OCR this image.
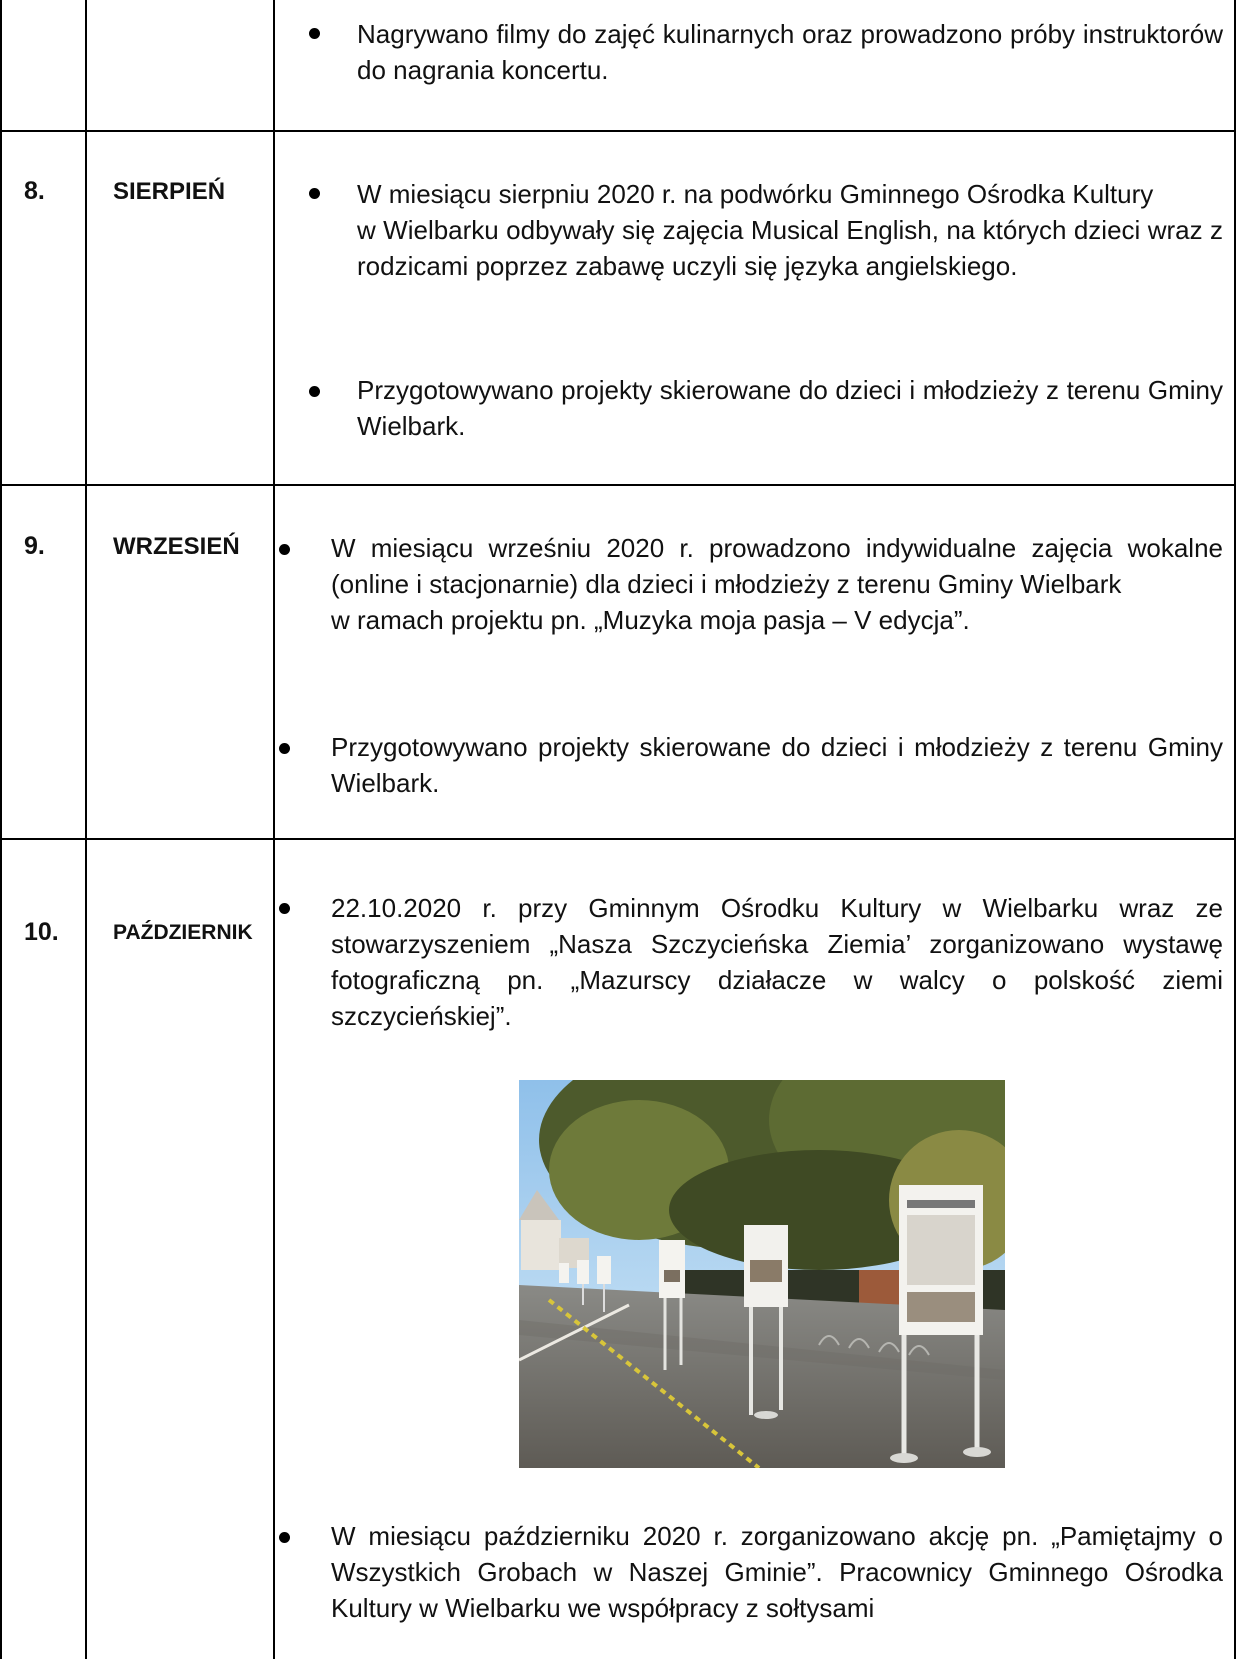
Nagrywano filmy do zajęć kulinarnych oraz prowadzono próby instruktorów do nagrania koncertu.
8.	SIERPIEŃ	W miesiącu sierpniu 2020 r. na podwórku Gminnego Ośrodka Kultury
w Wielbarku odbywały się zajęcia Musical English, na których dzieci wraz z rodzicami poprzez zabawę uczyli się języka angielskiego.
Przygotowywano projekty skierowane do dzieci i młodzieży z terenu Gminy Wielbark.
9.	WRZESIEŃ	W miesiącu wrześniu 2020 r. prowadzono indywidualne zajęcia wokalne (online i stacjonarnie) dla dzieci i młodzieży z terenu Gminy Wielbark
w ramach projektu pn. „Muzyka moja pasja – V edycja”.
Przygotowywano projekty skierowane do dzieci i młodzieży z terenu Gminy Wielbark.
10.	PAŹDZIERNIK
22.10.2020 r. przy Gminnym Ośrodku Kultury w Wielbarku wraz ze stowarzyszeniem „Nasza Szczycieńska Ziemia’ zorganizowano wystawę fotograficzną pn. „Mazurscy działacze w walcy o polskość ziemi szczycieńskiej”.
W miesiącu październiku 2020 r. zorganizowano akcję pn. „Pamiętajmy o Wszystkich Grobach w Naszej Gminie”. Pracownicy Gminnego Ośrodka Kultury w Wielbarku we współpracy z sołtysami
